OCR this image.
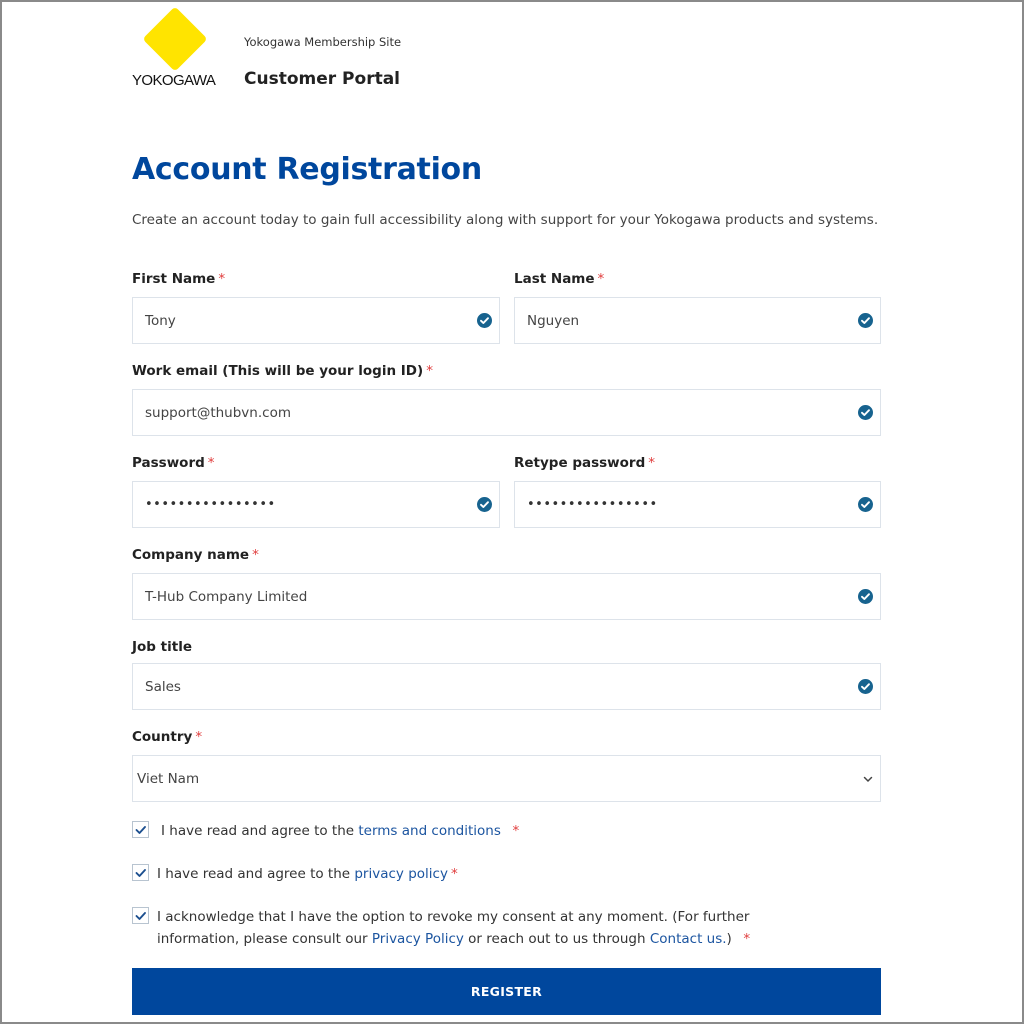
YOKOGAWA
Yokogawa Membership Site
Customer Portal
Account Registration

Create an account today to gain full accessibility along with support for your Yokogawa products and systems.

First Name *
Tony
Last Name *
Nguyen
Work email (This will be your login ID) *
support@thubvn.com
Password *
••••••••••••••••
Retype password *
••••••••••••••••
Company name *
T-Hub Company Limited
Job title
Sales
Country *
Viet Nam
I have read and agree to the terms and conditions *
I have read and agree to the privacy policy *
I acknowledge that I have the option to revoke my consent at any moment. (For further information, please consult our Privacy Policy or reach out to us through Contact us.) *
REGISTER
